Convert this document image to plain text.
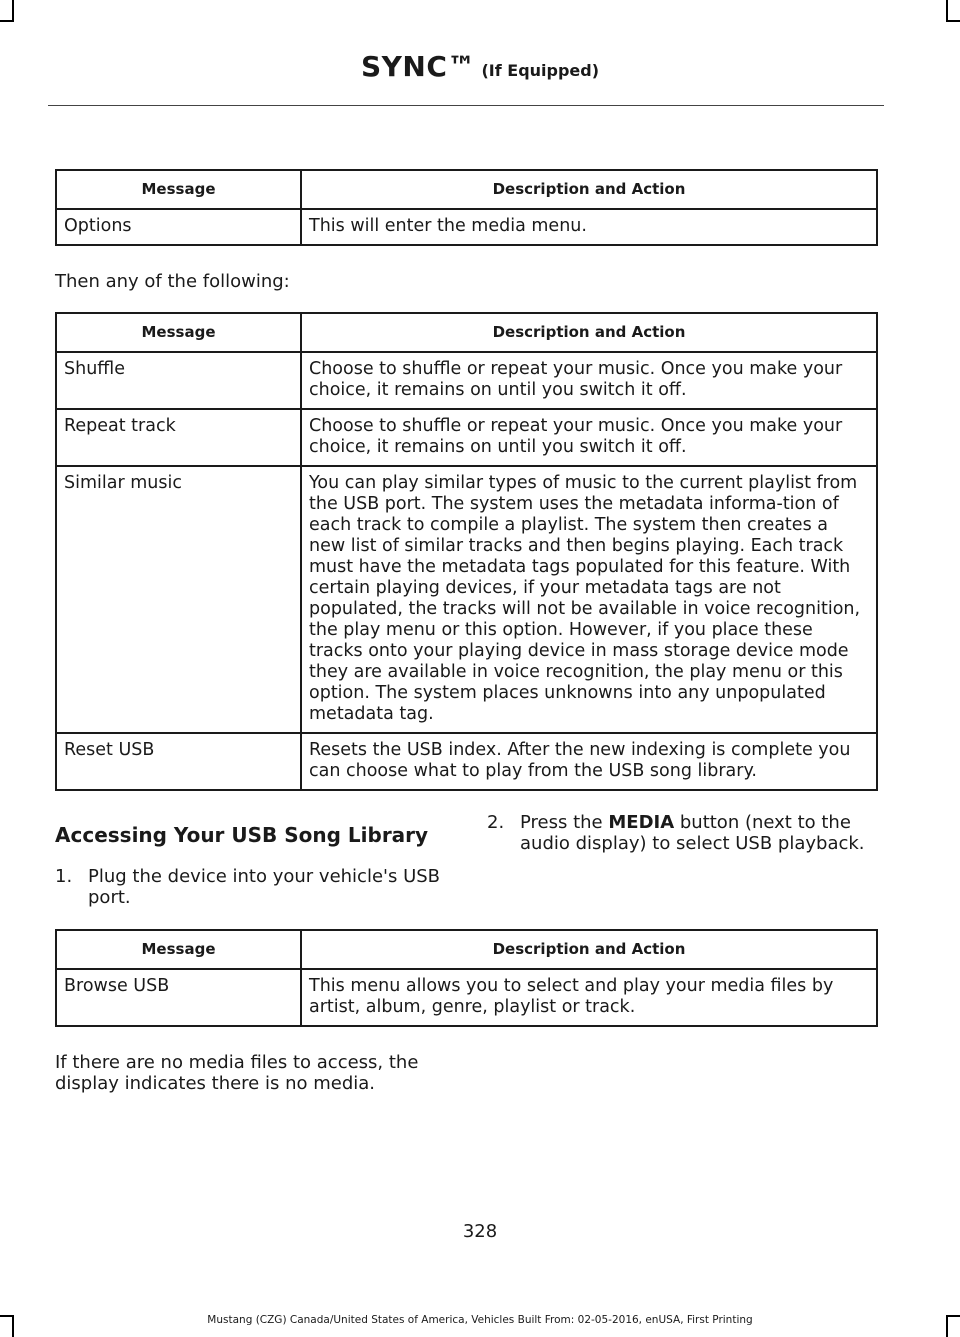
SYNC™ (If Equipped)
Message	Description and Action
Options	This will enter the media menu.
Then any of the following:
Message	Description and Action
Shuffle	Choose to shuffle or repeat your music. Once you make your choice, it remains on until you switch it off.
Repeat track	Choose to shuffle or repeat your music. Once you make your choice, it remains on until you switch it off.
Similar music	You can play similar types of music to the current playlist from the USB port. The system uses the metadata informa-tion of each track to compile a playlist. The system then creates a new list of similar tracks and then begins playing. Each track must have the metadata tags populated for this feature. With certain playing devices, if your metadata tags are not populated, the tracks will not be available in voice recognition, the play menu or this option. However, if you place these tracks onto your playing device in mass storage device mode they are available in voice recognition, the play menu or this option. The system places unknowns into any unpopulated metadata tag.
Reset USB	Resets the USB index. After the new indexing is complete you can choose what to play from the USB song library.
Accessing Your USB Song Library
1. Plug the device into your vehicle's USB port.
2. Press the MEDIA button (next to the audio display) to select USB playback.
Message	Description and Action
Browse USB	This menu allows you to select and play your media files by artist, album, genre, playlist or track.
If there are no media files to access, the display indicates there is no media.
328
Mustang (CZG) Canada/United States of America, Vehicles Built From: 02-05-2016, enUSA, First Printing
